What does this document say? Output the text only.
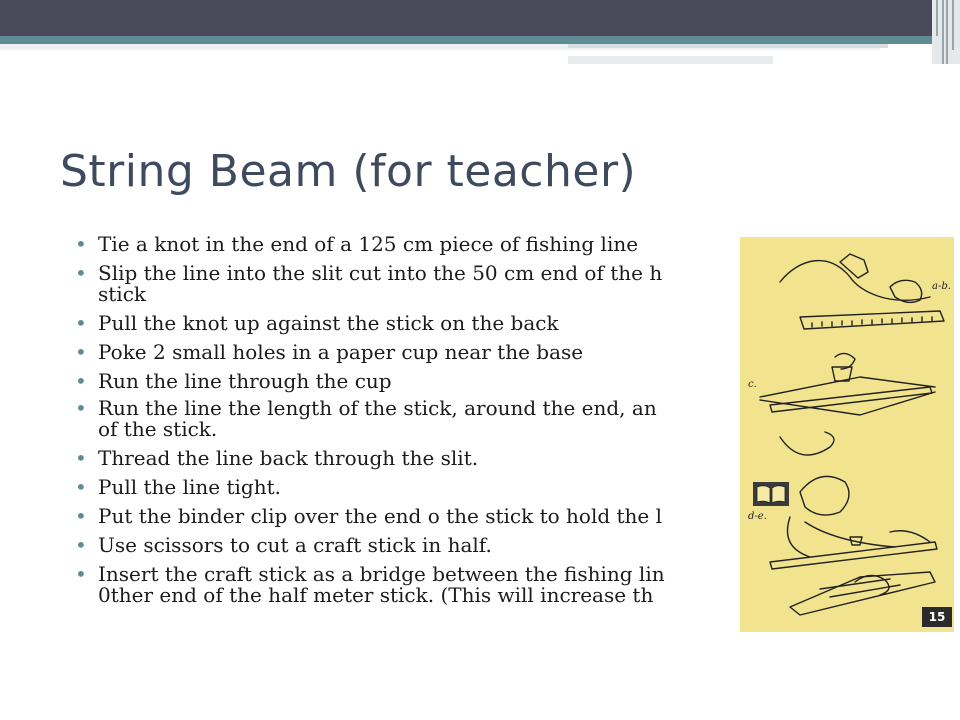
String Beam (for teacher)
• Tie a knot in the end of a 125 cm piece of fishing line
• Slip the line into the slit cut into the 50 cm end of the h
stick
• Pull the knot up against the stick on the back
• Poke 2 small holes in a paper cup near the base
• Run the line through the cup
• Run the line the length of the stick, around the end, an
of the stick.
• Thread the line back through the slit.
• Pull the line tight.
• Put the binder clip over the end o the stick to hold the l
• Use scissors to cut a craft stick in half.
• Insert the craft stick as a bridge between the fishing lin
0ther end of the half meter stick. (This will increase th
a-b.
c.
d-e.
15
